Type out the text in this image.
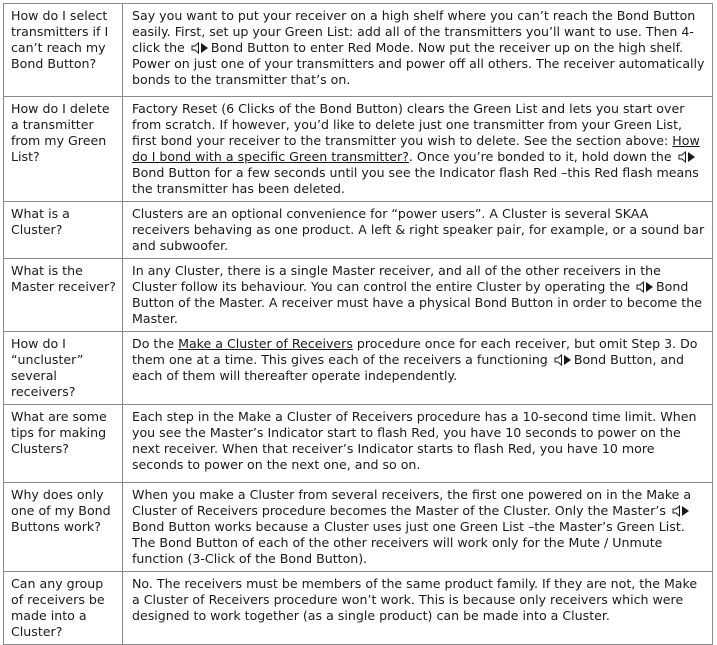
How do I select transmitters if I can’t reach my Bond Button?	Say you want to put your receiver on a high shelf where you can’t reach the Bond Button easily. First, set up your Green List: add all of the transmitters you’ll want to use. Then 4-click the Bond Button to enter Red Mode. Now put the receiver up on the high shelf. Power on just one of your transmitters and power off all others. The receiver automatically bonds to the transmitter that’s on.
How do I delete a transmitter from my Green List?	Factory Reset (6 Clicks of the Bond Button) clears the Green List and lets you start over from scratch. If however, you’d like to delete just one transmitter from your Green List, first bond your receiver to the transmitter you wish to delete. See the section above: How do I bond with a specific Green transmitter?. Once you’re bonded to it, hold down the
Bond Button for a few seconds until you see the Indicator flash Red –this Red flash means the transmitter has been deleted.
What is a Cluster?	Clusters are an optional convenience for “power users”. A Cluster is several SKAA receivers behaving as one product. A left & right speaker pair, for example, or a sound bar and subwoofer.
What is the Master receiver?	In any Cluster, there is a single Master receiver, and all of the other receivers in the Cluster follow its behaviour. You can control the entire Cluster by operating the Bond Button of the Master. A receiver must have a physical Bond Button in order to become the Master.
How do I “uncluster” several receivers?	Do the Make a Cluster of Receivers procedure once for each receiver, but omit Step 3. Do them one at a time. This gives each of the receivers a functioning Bond Button, and each of them will thereafter operate independently.
What are some tips for making Clusters?	Each step in the Make a Cluster of Receivers procedure has a 10-second time limit. When you see the Master’s Indicator start to flash Red, you have 10 seconds to power on the next receiver. When that receiver’s Indicator starts to flash Red, you have 10 more seconds to power on the next one, and so on.
Why does only one of my Bond Buttons work?	When you make a Cluster from several receivers, the first one powered on in the Make a Cluster of Receivers procedure becomes the Master of the Cluster. Only the Master’s
Bond Button works because a Cluster uses just one Green List –the Master’s Green List. The Bond Button of each of the other receivers will work only for the Mute / Unmute function (3-Click of the Bond Button).
Can any group of receivers be made into a Cluster?	No. The receivers must be members of the same product family. If they are not, the Make a Cluster of Receivers procedure won’t work. This is because only receivers which were designed to work together (as a single product) can be made into a Cluster.
